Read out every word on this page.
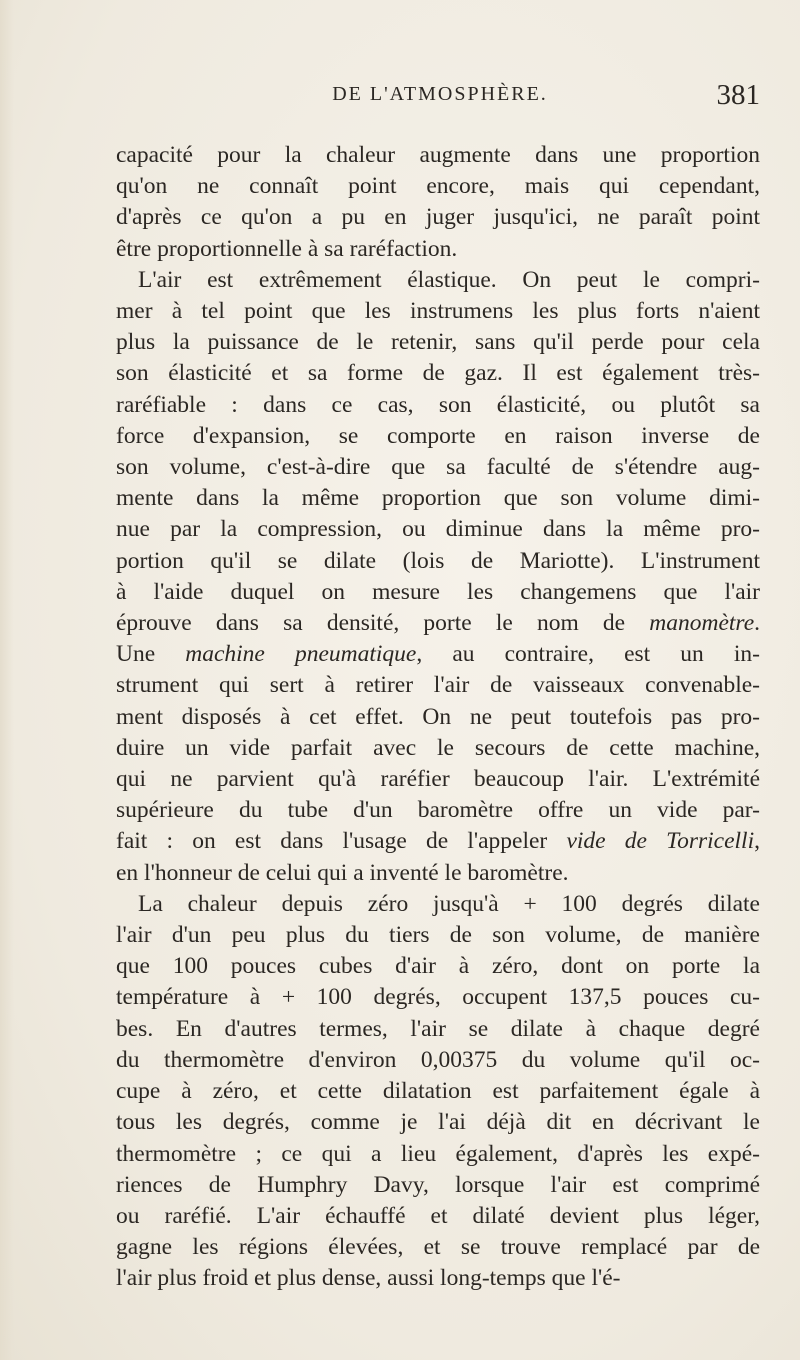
DE L'ATMOSPHÈRE.	381
capacité pour la chaleur augmente dans une proportion
qu'on ne connaît point encore, mais qui cependant,
d'après ce qu'on a pu en juger jusqu'ici, ne paraît point
être proportionnelle à sa raréfaction.
L'air est extrêmement élastique. On peut le compri-
mer à tel point que les instrumens les plus forts n'aient
plus la puissance de le retenir, sans qu'il perde pour cela
son élasticité et sa forme de gaz. Il est également très-
raréfiable : dans ce cas, son élasticité, ou plutôt sa
force d'expansion, se comporte en raison inverse de
son volume, c'est-à-dire que sa faculté de s'étendre aug-
mente dans la même proportion que son volume dimi-
nue par la compression, ou diminue dans la même pro-
portion qu'il se dilate (lois de Mariotte). L'instrument
à l'aide duquel on mesure les changemens que l'air
éprouve dans sa densité, porte le nom de manomètre.
Une machine pneumatique, au contraire, est un in-
strument qui sert à retirer l'air de vaisseaux convenable-
ment disposés à cet effet. On ne peut toutefois pas pro-
duire un vide parfait avec le secours de cette machine,
qui ne parvient qu'à raréfier beaucoup l'air. L'extrémité
supérieure du tube d'un baromètre offre un vide par-
fait : on est dans l'usage de l'appeler vide de Torricelli,
en l'honneur de celui qui a inventé le baromètre.
La chaleur depuis zéro jusqu'à + 100 degrés dilate
l'air d'un peu plus du tiers de son volume, de manière
que 100 pouces cubes d'air à zéro, dont on porte la
température à + 100 degrés, occupent 137,5 pouces cu-
bes. En d'autres termes, l'air se dilate à chaque degré
du thermomètre d'environ 0,00375 du volume qu'il oc-
cupe à zéro, et cette dilatation est parfaitement égale à
tous les degrés, comme je l'ai déjà dit en décrivant le
thermomètre ; ce qui a lieu également, d'après les expé-
riences de Humphry Davy, lorsque l'air est comprimé
ou raréfié. L'air échauffé et dilaté devient plus léger,
gagne les régions élevées, et se trouve remplacé par de
l'air plus froid et plus dense, aussi long-temps que l'é-
